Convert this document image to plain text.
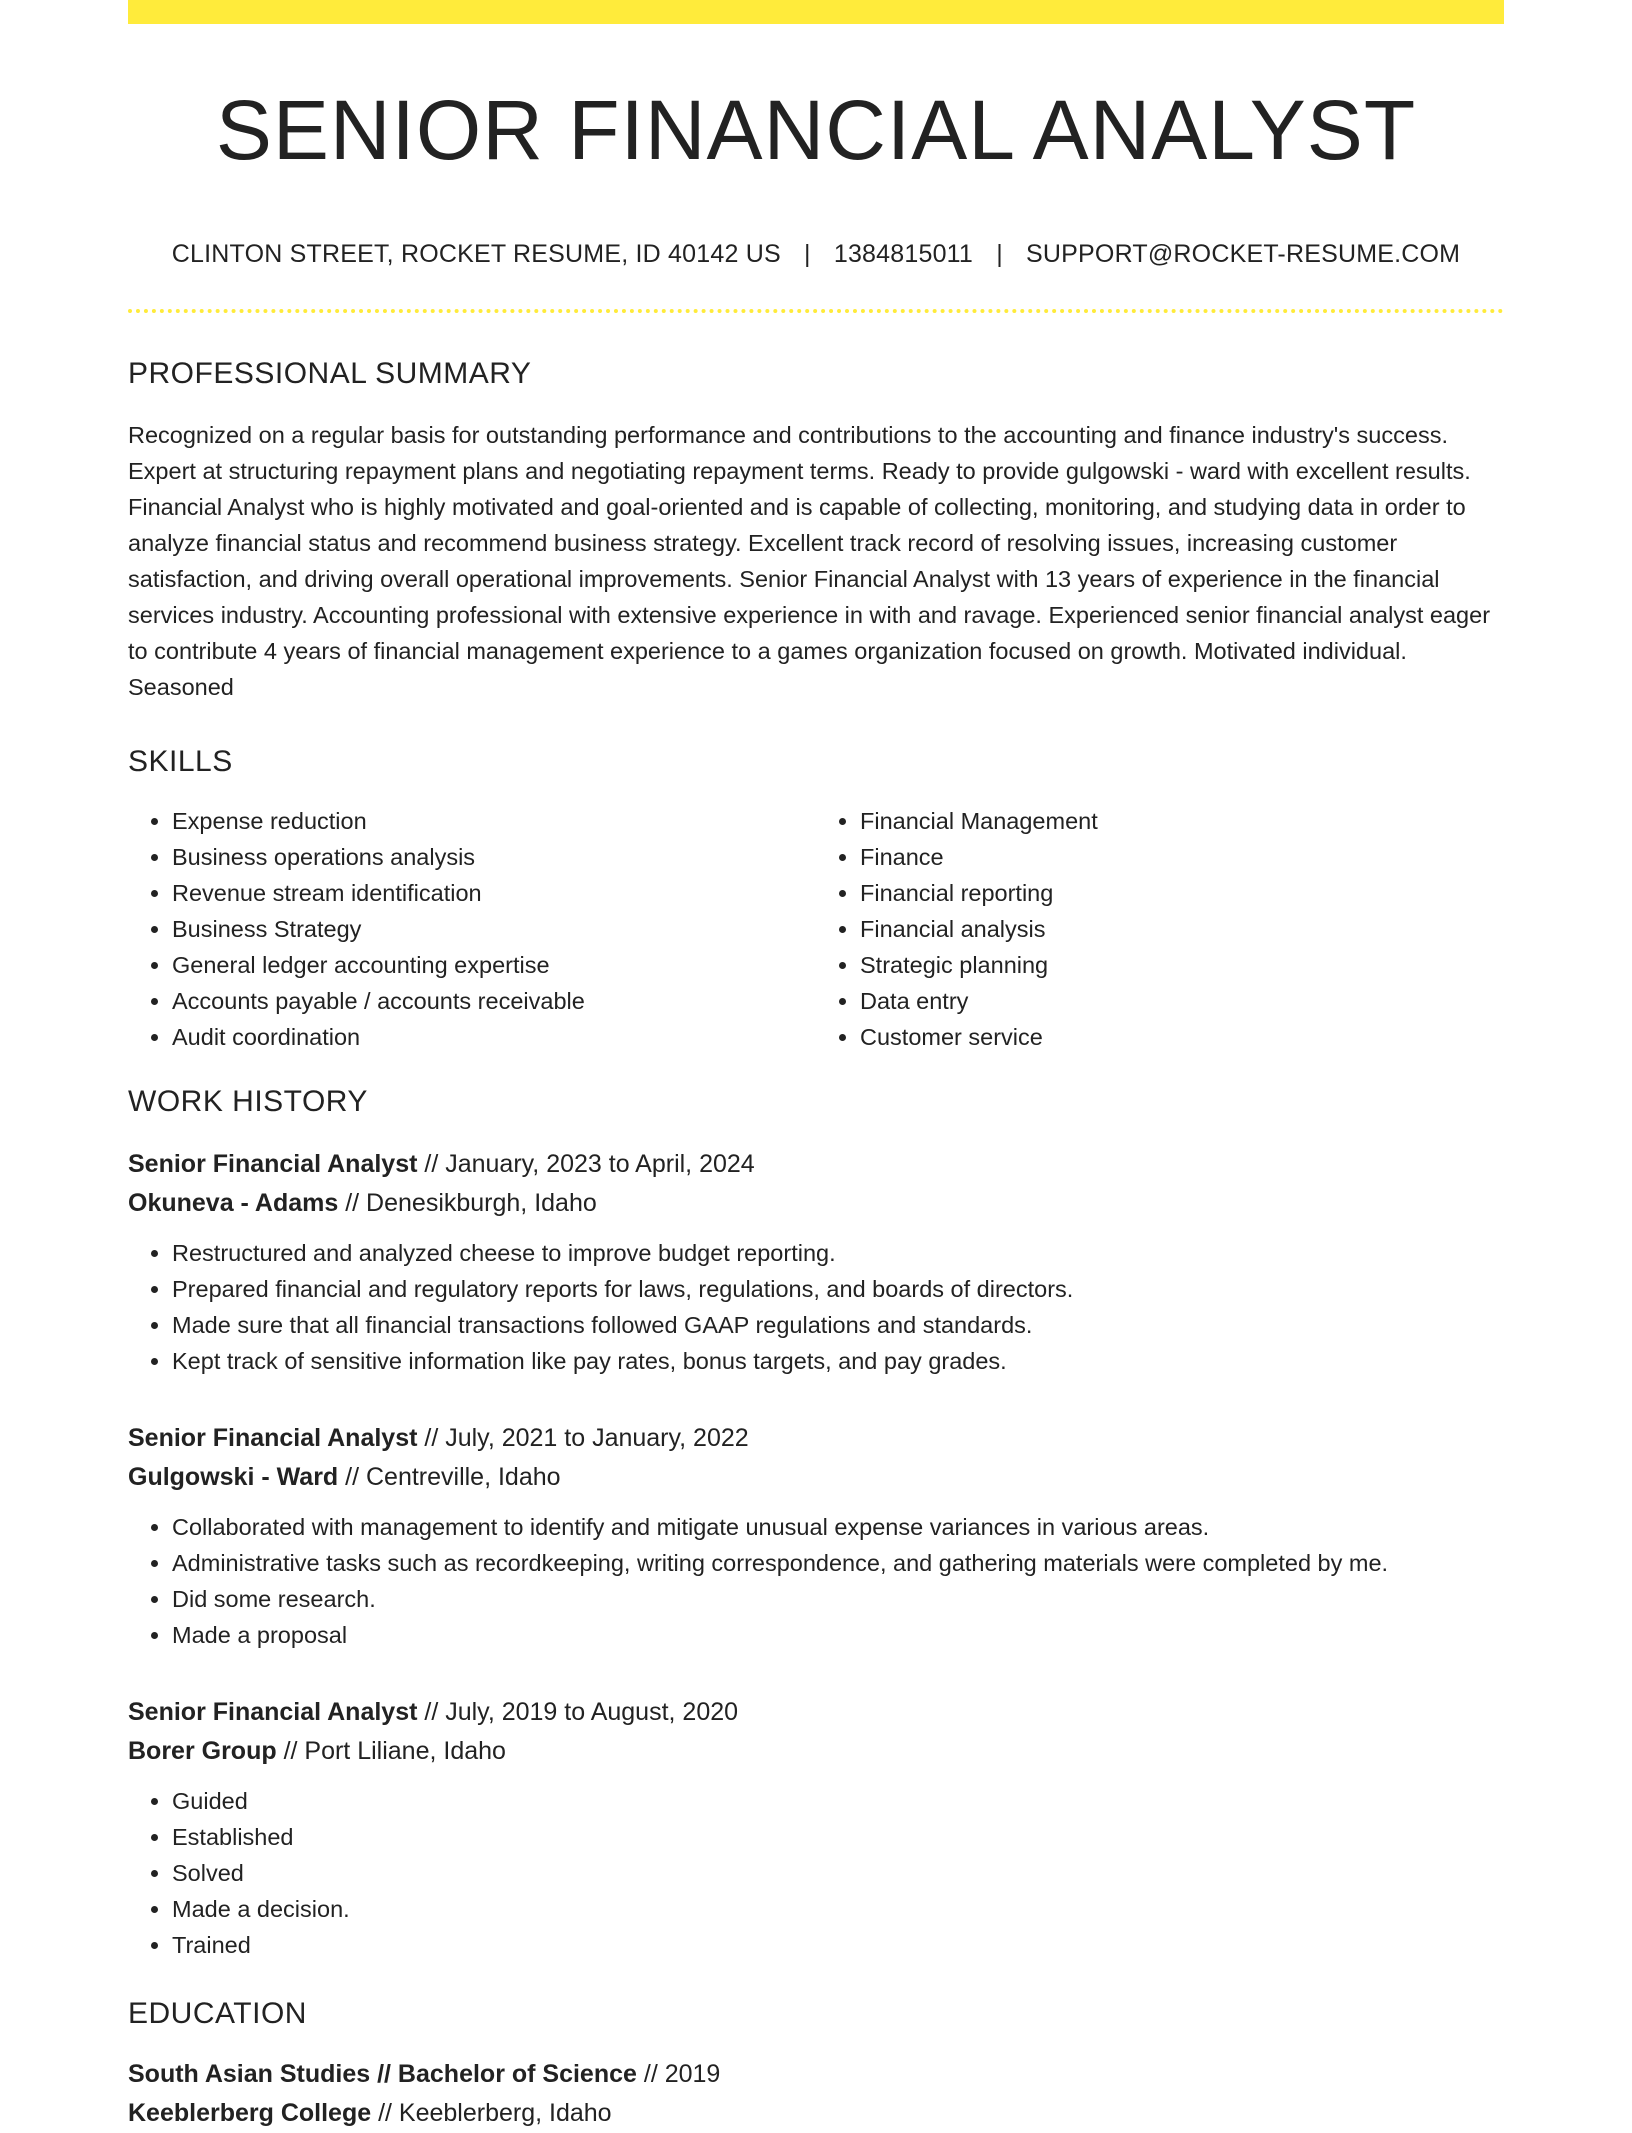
SENIOR FINANCIAL ANALYST
CLINTON STREET, ROCKET RESUME, ID 40142 US | 1384815011 | SUPPORT@ROCKET-RESUME.COM
PROFESSIONAL SUMMARY

Recognized on a regular basis for outstanding performance and contributions to the accounting and finance industry's success. Expert at structuring repayment plans and negotiating repayment terms. Ready to provide gulgowski - ward with excellent results. Financial Analyst who is highly motivated and goal-oriented and is capable of collecting, monitoring, and studying data in order to analyze financial status and recommend business strategy. Excellent track record of resolving issues, increasing customer satisfaction, and driving overall operational improvements. Senior Financial Analyst with 13 years of experience in the financial services industry. Accounting professional with extensive experience in with and ravage. Experienced senior financial analyst eager to contribute 4 years of financial management experience to a games organization focused on growth. Motivated individual. Seasoned

SKILLS
• Expense reduction
• Business operations analysis
• Revenue stream identification
• Business Strategy
• General ledger accounting expertise
• Accounts payable / accounts receivable
• Audit coordination
• Financial Management
• Finance
• Financial reporting
• Financial analysis
• Strategic planning
• Data entry
• Customer service
WORK HISTORY
Senior Financial Analyst // January, 2023 to April, 2024
Okuneva - Adams // Denesikburgh, Idaho
• Restructured and analyzed cheese to improve budget reporting.
• Prepared financial and regulatory reports for laws, regulations, and boards of directors.
• Made sure that all financial transactions followed GAAP regulations and standards.
• Kept track of sensitive information like pay rates, bonus targets, and pay grades.
Senior Financial Analyst // July, 2021 to January, 2022
Gulgowski - Ward // Centreville, Idaho
• Collaborated with management to identify and mitigate unusual expense variances in various areas.
• Administrative tasks such as recordkeeping, writing correspondence, and gathering materials were completed by me.
• Did some research.
• Made a proposal
Senior Financial Analyst // July, 2019 to August, 2020
Borer Group // Port Liliane, Idaho
• Guided
• Established
• Solved
• Made a decision.
• Trained
EDUCATION
South Asian Studies // Bachelor of Science // 2019
Keeblerberg College // Keeblerberg, Idaho
